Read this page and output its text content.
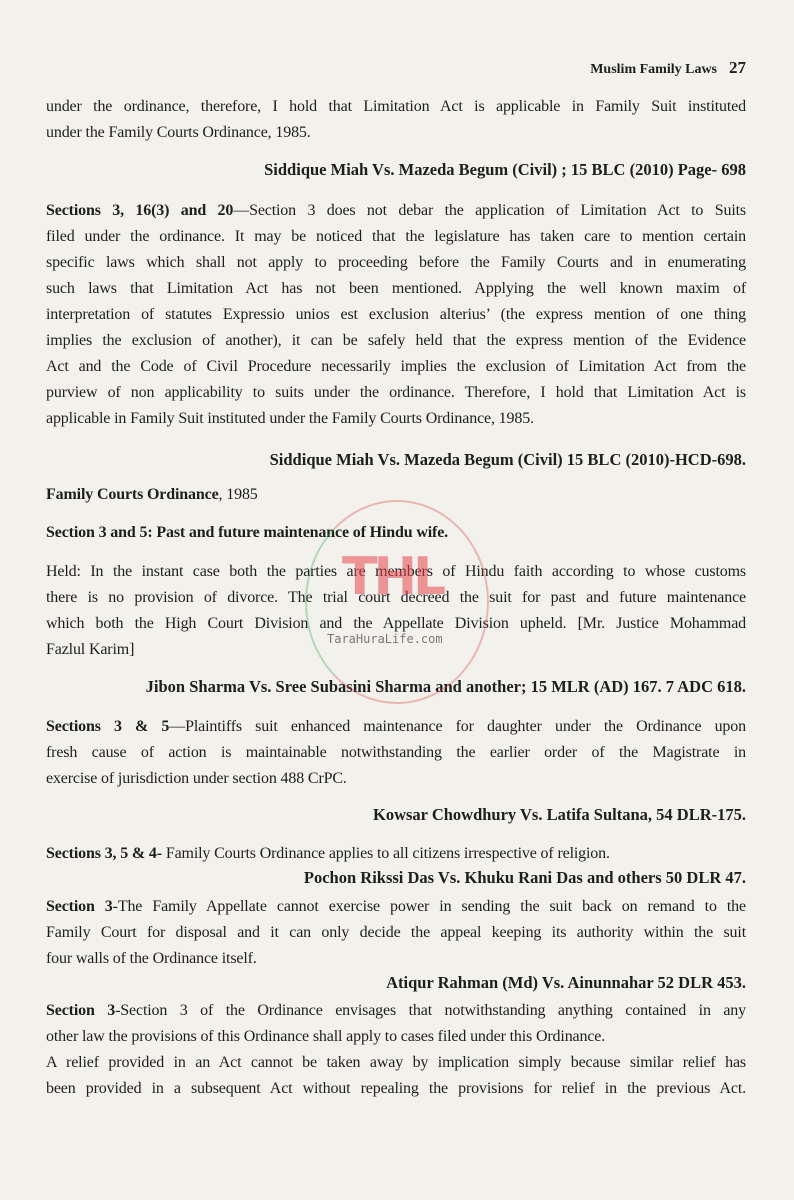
Muslim Family Laws 27
under the ordinance, therefore, I hold that Limitation Act is applicable in Family Suit instituted
under the Family Courts Ordinance, 1985.
Siddique Miah Vs. Mazeda Begum (Civil) ; 15 BLC (2010) Page- 698
Sections 3, 16(3) and 20—Section 3 does not debar the application of Limitation Act to Suits
filed under the ordinance. It may be noticed that the legislature has taken care to mention certain
specific laws which shall not apply to proceeding before the Family Courts and in enumerating
such laws that Limitation Act has not been mentioned. Applying the well known maxim of
interpretation of statutes Expressio unios est exclusion alterius’ (the express mention of one thing
implies the exclusion of another), it can be safely held that the express mention of the Evidence
Act and the Code of Civil Procedure necessarily implies the exclusion of Limitation Act from the
purview of non applicability to suits under the ordinance. Therefore, I hold that Limitation Act is
applicable in Family Suit instituted under the Family Courts Ordinance, 1985.
Siddique Miah Vs. Mazeda Begum (Civil) 15 BLC (2010)-HCD-698.
Family Courts Ordinance, 1985
Section 3 and 5: Past and future maintenance of Hindu wife.
Held: In the instant case both the parties are members of Hindu faith according to whose customs
there is no provision of divorce. The trial court decreed the suit for past and future maintenance
which both the High Court Division and the Appellate Division upheld. [Mr. Justice Mohammad
Fazlul Karim]
Jibon Sharma Vs. Sree Subasini Sharma and another; 15 MLR (AD) 167. 7 ADC 618.
Sections 3 & 5—Plaintiffs suit enhanced maintenance for daughter under the Ordinance upon
fresh cause of action is maintainable notwithstanding the earlier order of the Magistrate in
exercise of jurisdiction under section 488 CrPC.
Kowsar Chowdhury Vs. Latifa Sultana, 54 DLR-175.
Sections 3, 5 & 4- Family Courts Ordinance applies to all citizens irrespective of religion.
Pochon Rikssi Das Vs. Khuku Rani Das and others 50 DLR 47.
Section 3-The Family Appellate cannot exercise power in sending the suit back on remand to the
Family Court for disposal and it can only decide the appeal keeping its authority within the suit
four walls of the Ordinance itself.
Atiqur Rahman (Md) Vs. Ainunnahar 52 DLR 453.
Section 3-Section 3 of the Ordinance envisages that notwithstanding anything contained in any
other law the provisions of this Ordinance shall apply to cases filed under this Ordinance.
A relief provided in an Act cannot be taken away by implication simply because similar relief has
been provided in a subsequent Act without repealing the provisions for relief in the previous Act.
THL
TaraHuraLife.com
